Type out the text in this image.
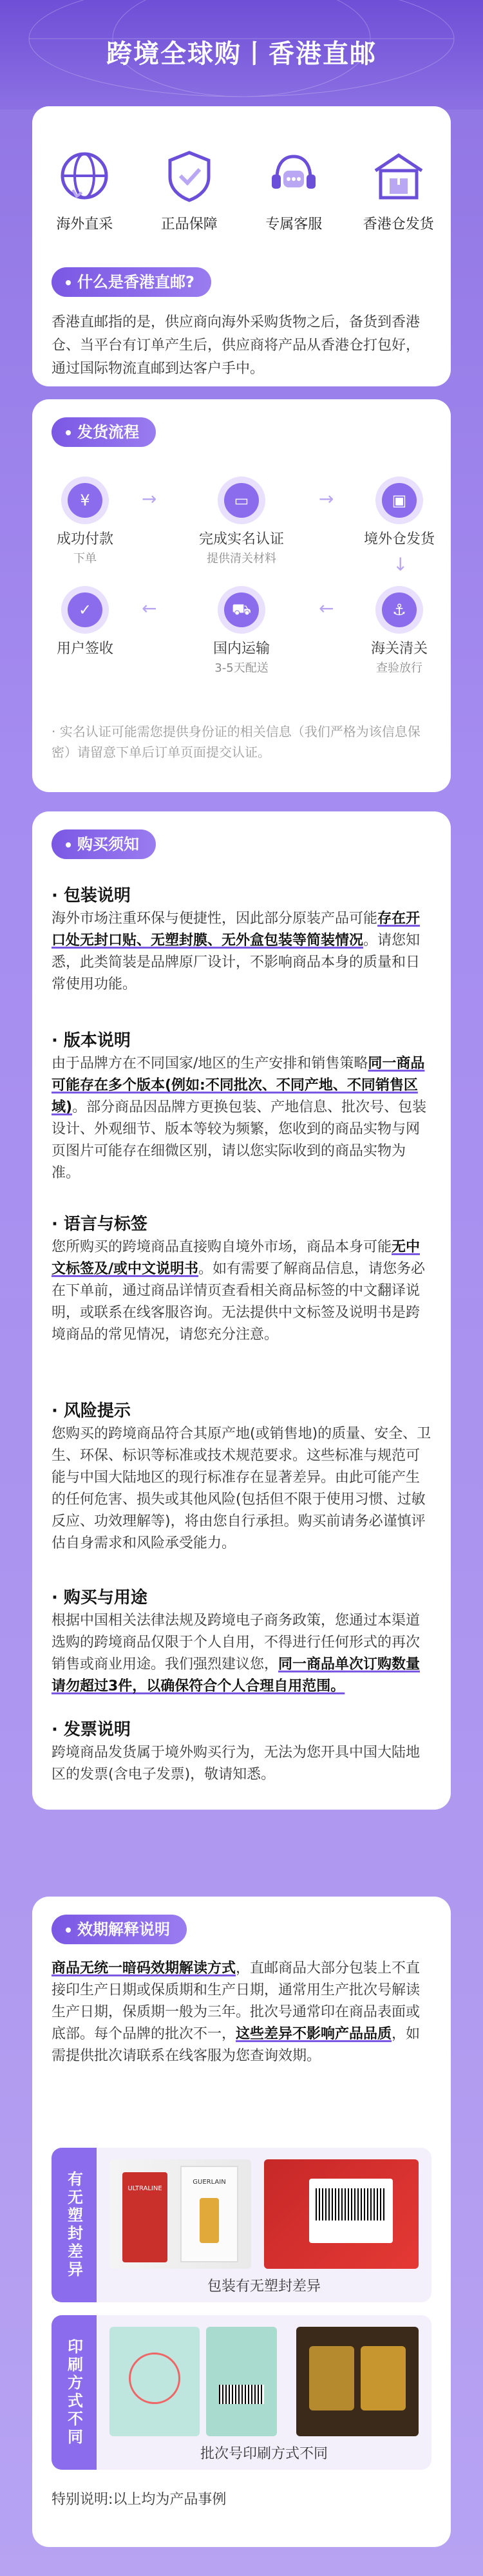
跨境全球购丨香港直邮
海外直采	正品保障	专属客服	香港仓发货
什么是香港直邮?
香港直邮指的是，供应商向海外采购货物之后，备货到香港仓、当平台有订单产生后，供应商将产品从香港仓打包好，通过国际物流直邮到达客户手中。
发货流程
¥
成功付款
下单
→	▭
完成实名认证
提供清关材料
→	▣
境外仓发货
↓
⚓
海关清关
查验放行
←
⛟
国内运输
3-5天配送
←
✓
用户签收
· 实名认证可能需您提供身份证的相关信息（我们严格为该信息保密）请留意下单后订单页面提交认证。
购买须知
· 包装说明
海外市场注重环保与便捷性，因此部分原装产品可能存在开口处无封口贴、无塑封膜、无外盒包装等简装情况。请您知悉，此类简装是品牌原厂设计，不影响商品本身的质量和日常使用功能。
· 版本说明
由于品牌方在不同国家/地区的生产安排和销售策略同一商品可能存在多个版本(例如:不同批次、不同产地、不同销售区域)。部分商品因品牌方更换包装、产地信息、批次号、包装设计、外观细节、版本等较为频繁，您收到的商品实物与网页图片可能存在细微区别，请以您实际收到的商品实物为准。
· 语言与标签
您所购买的跨境商品直接购自境外市场，商品本身可能无中文标签及/或中文说明书。如有需要了解商品信息，请您务必在下单前，通过商品详情页查看相关商品标签的中文翻译说明，或联系在线客服咨询。无法提供中文标签及说明书是跨境商品的常见情况，请您充分注意。
· 风险提示
您购买的跨境商品符合其原产地(或销售地)的质量、安全、卫生、环保、标识等标准或技术规范要求。这些标准与规范可能与中国大陆地区的现行标准存在显著差异。由此可能产生的任何危害、损失或其他风险(包括但不限于使用习惯、过敏反应、功效理解等)，将由您自行承担。购买前请务必谨慎评估自身需求和风险承受能力。
· 购买与用途
根据中国相关法律法规及跨境电子商务政策，您通过本渠道选购的跨境商品仅限于个人自用，不得进行任何形式的再次销售或商业用途。我们强烈建议您，同一商品单次订购数量请勿超过3件，以确保符合个人合理自用范围。
· 发票说明
跨境商品发货属于境外购买行为，无法为您开具中国大陆地区的发票(含电子发票)，敬请知悉。
效期解释说明
商品无统一暗码效期解读方式，直邮商品大部分包装上不直接印生产日期或保质期和生产日期，通常用生产批次号解读生产日期，保质期一般为三年。批次号通常印在商品表面或底部。每个品牌的批次不一，这些差异不影响产品品质，如需提供批次请联系在线客服为您查询效期。
有无塑封差异	ULTRALINE
GUERLAIN
包装有无塑封差异
印刷方式不同
批次号印刷方式不同
特别说明:以上均为产品事例
